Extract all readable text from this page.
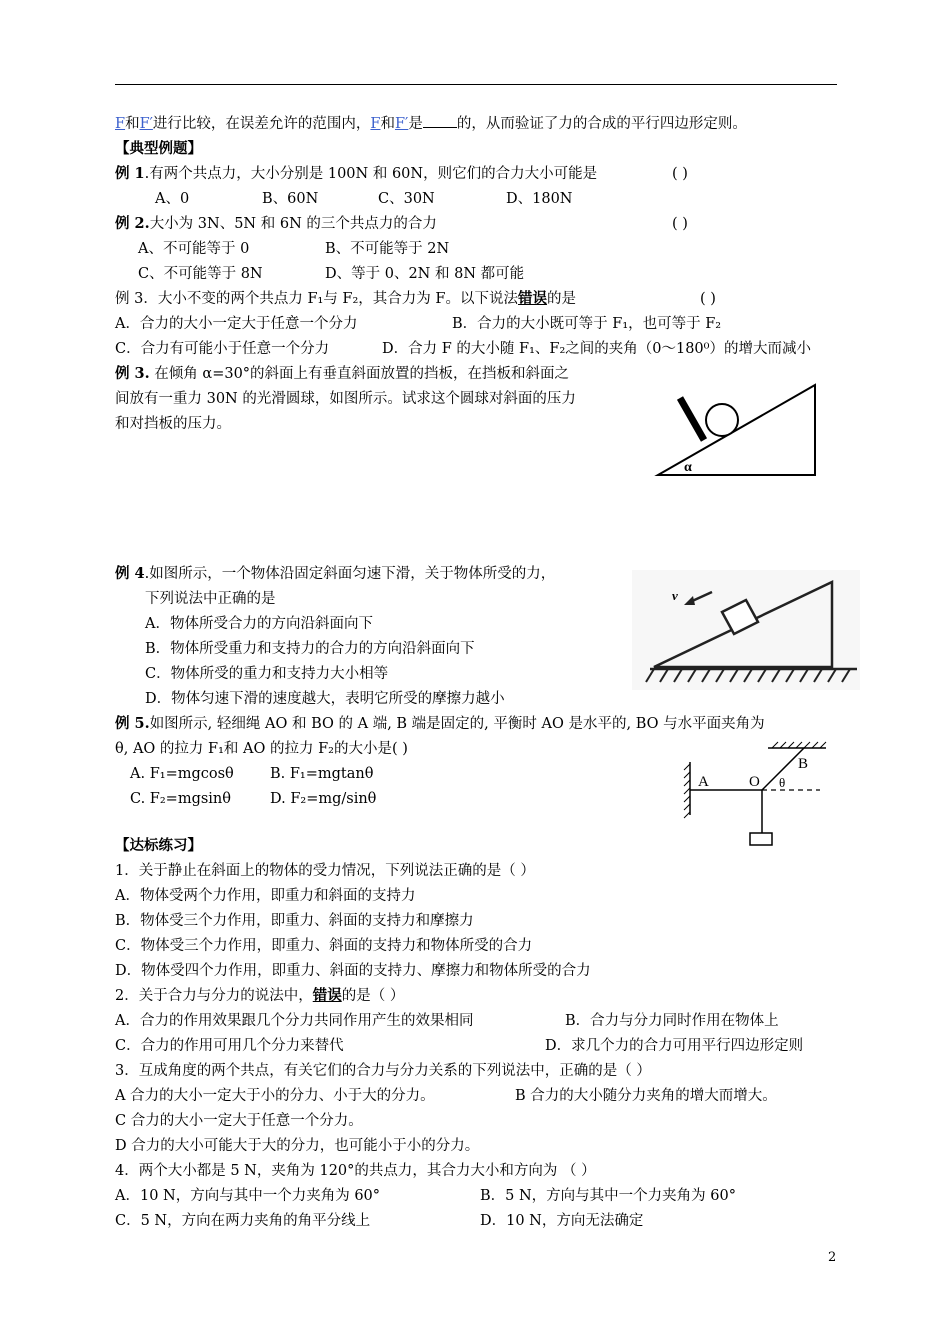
F和F′进行比较，在误差允许的范围内，F和F′是 的，从而验证了力的合成的平行四边形定则。
【典型例题】
例 1.有两个共点力，大小分别是 100N 和 60N，则它们的合力大小可能是	( )
A、0	B、60N	C、30N	D、180N
例 2.大小为 3N、5N 和 6N 的三个共点力的合力	( )
A、不可能等于 0	B、不可能等于 2N
C、不可能等于 8N	D、等于 0、2N 和 8N 都可能
例 3．大小不变的两个共点力 F₁与 F₂，其合力为 F。以下说法错误的是	( )
A．合力的大小一定大于任意一个分力	B．合力的大小既可等于 F₁，也可等于 F₂
C．合力有可能小于任意一个分力	D．合力 F 的大小随 F₁、F₂之间的夹角（0～180⁰）的增大而减小
例 3. 在倾角 α=30°的斜面上有垂直斜面放置的挡板，在挡板和斜面之
间放有一重力 30N 的光滑圆球，如图所示。试求这个圆球对斜面的压力
和对挡板的压力。
α
例 4.如图所示，一个物体沿固定斜面匀速下滑，关于物体所受的力，
下列说法中正确的是
A．物体所受合力的方向沿斜面向下
B．物体所受重力和支持力的合力的方向沿斜面向下
C．物体所受的重力和支持力大小相等
D．物体匀速下滑的速度越大，表明它所受的摩擦力越小
v
例 5.如图所示, 轻细绳 AO 和 BO 的 A 端, B 端是固定的, 平衡时 AO 是水平的, BO 与水平面夹角为
θ, AO 的拉力 F₁和 AO 的拉力 F₂的大小是( )
A. F₁=mgcosθ B. F₁=mgtanθ
C. F₂=mgsinθ	D. F₂=mg/sinθ
A	O
B
θ
【达标练习】
1．关于静止在斜面上的物体的受力情况，下列说法正确的是（ ）
A．物体受两个力作用，即重力和斜面的支持力
B．物体受三个力作用，即重力、斜面的支持力和摩擦力
C．物体受三个力作用，即重力、斜面的支持力和物体所受的合力
D．物体受四个力作用，即重力、斜面的支持力、摩擦力和物体所受的合力
2．关于合力与分力的说法中，错误的是（ ）
A．合力的作用效果跟几个分力共同作用产生的效果相同	B．合力与分力同时作用在物体上
C．合力的作用可用几个分力来替代	D．求几个力的合力可用平行四边形定则
3．互成角度的两个共点，有关它们的合力与分力关系的下列说法中，正确的是（ ）
A 合力的大小一定大于小的分力、小于大的分力。	B 合力的大小随分力夹角的增大而增大。
C 合力的大小一定大于任意一个分力。
D 合力的大小可能大于大的分力，也可能小于小的分力。
4．两个大小都是 5 N，夹角为 120°的共点力，其合力大小和方向为 （ ）
A．10 N，方向与其中一个力夹角为 60°	B．5 N，方向与其中一个力夹角为 60°
C．5 N，方向在两力夹角的角平分线上	D．10 N，方向无法确定
2
